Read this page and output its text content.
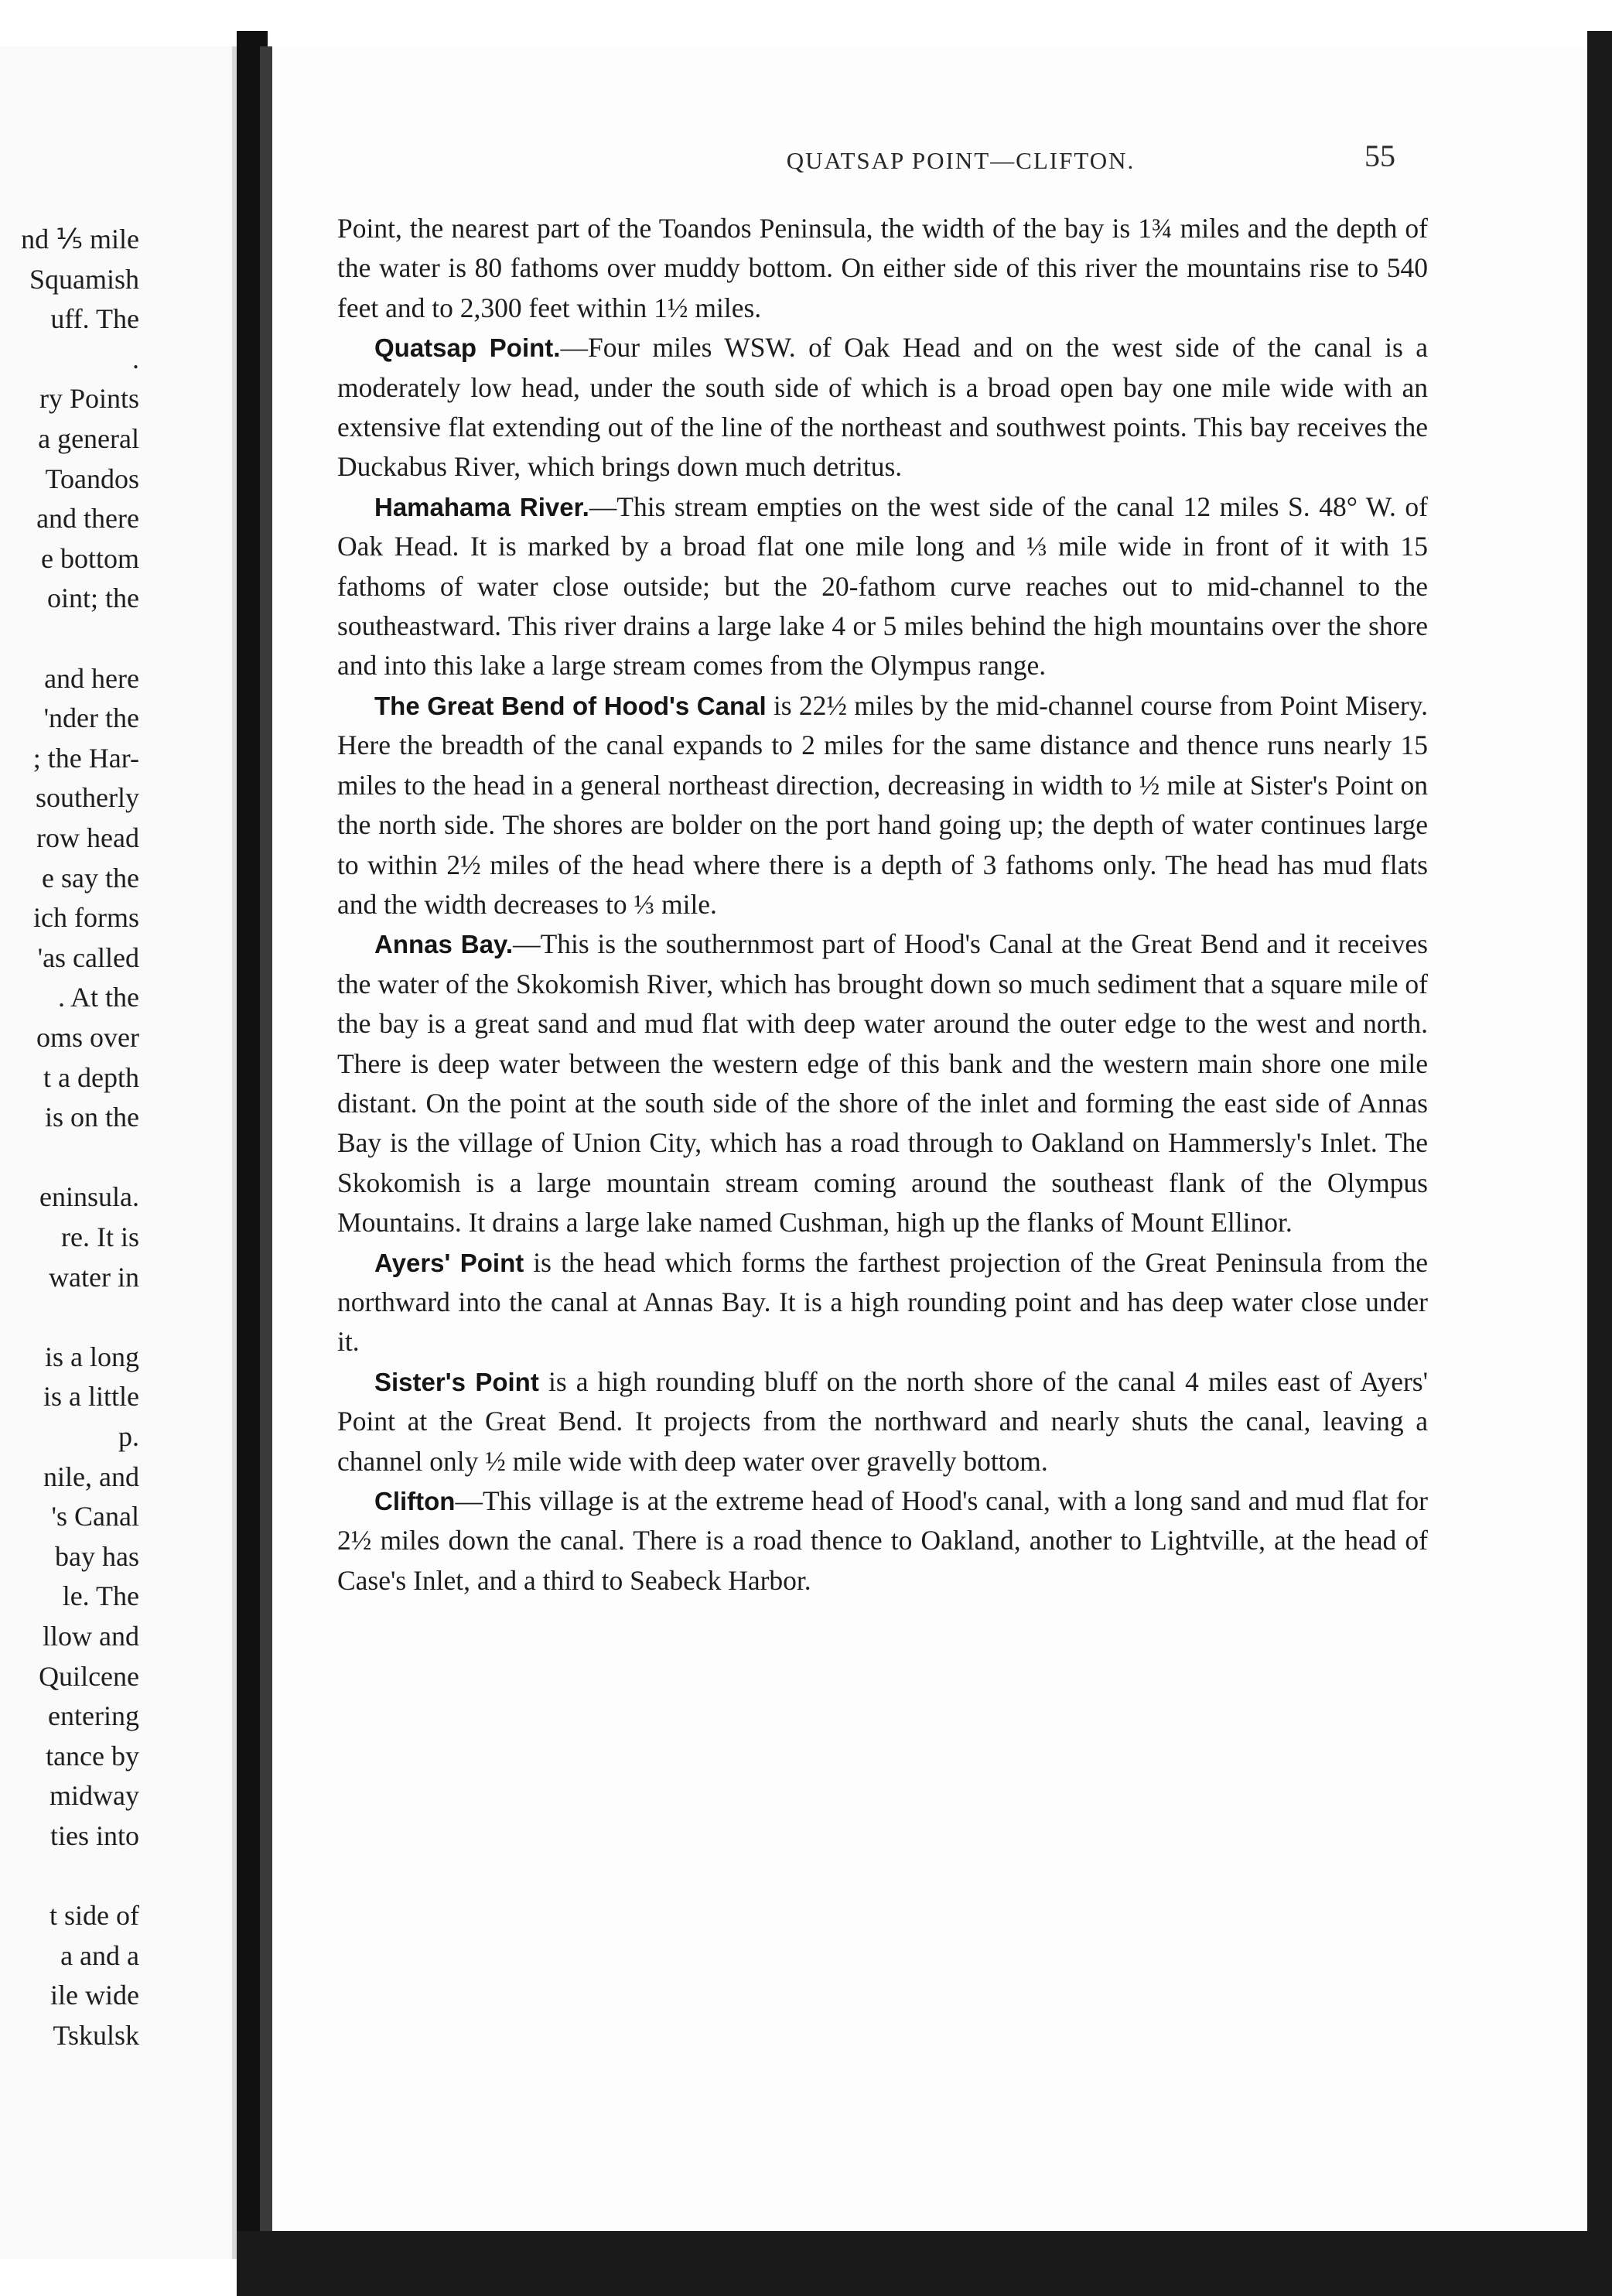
nd ⅕ mile
Squamish
uff. The
.
ry Points
a general
Toandos
and there
e bottom
oint; the
and here
'nder the
; the Har-
southerly
row head
e say the
ich forms
'as called
. At the
oms over
t a depth
is on the
eninsula.
re. It is
water in
is a long
is a little
p.
nile, and
's Canal
bay has
le. The
llow and
Quilcene
entering
tance by
midway
ties into
t side of
a and a
ile wide
Tskulsk
QUATSAP POINT—CLIFTON.	55

Point, the nearest part of the Toandos Peninsula, the width of the bay is 1¾ miles and the depth of the water is 80 fathoms over muddy bottom. On either side of this river the mountains rise to 540 feet and to 2,300 feet within 1½ miles.

Quatsap Point.—Four miles WSW. of Oak Head and on the west side of the canal is a moderately low head, under the south side of which is a broad open bay one mile wide with an extensive flat extending out of the line of the northeast and southwest points. This bay receives the Duckabus River, which brings down much detritus.

Hamahama River.—This stream empties on the west side of the canal 12 miles S. 48° W. of Oak Head. It is marked by a broad flat one mile long and ⅓ mile wide in front of it with 15 fathoms of water close outside; but the 20-fathom curve reaches out to mid-channel to the southeastward. This river drains a large lake 4 or 5 miles behind the high mountains over the shore and into this lake a large stream comes from the Olympus range.

The Great Bend of Hood's Canal is 22½ miles by the mid-channel course from Point Misery. Here the breadth of the canal expands to 2 miles for the same distance and thence runs nearly 15 miles to the head in a general northeast direction, decreasing in width to ½ mile at Sister's Point on the north side. The shores are bolder on the port hand going up; the depth of water continues large to within 2½ miles of the head where there is a depth of 3 fathoms only. The head has mud flats and the width decreases to ⅓ mile.

Annas Bay.—This is the southernmost part of Hood's Canal at the Great Bend and it receives the water of the Skokomish River, which has brought down so much sediment that a square mile of the bay is a great sand and mud flat with deep water around the outer edge to the west and north. There is deep water between the western edge of this bank and the western main shore one mile distant. On the point at the south side of the shore of the inlet and forming the east side of Annas Bay is the village of Union City, which has a road through to Oakland on Hammersly's Inlet. The Skokomish is a large mountain stream coming around the southeast flank of the Olympus Mountains. It drains a large lake named Cushman, high up the flanks of Mount Ellinor.

Ayers' Point is the head which forms the farthest projection of the Great Peninsula from the northward into the canal at Annas Bay. It is a high rounding point and has deep water close under it.

Sister's Point is a high rounding bluff on the north shore of the canal 4 miles east of Ayers' Point at the Great Bend. It projects from the northward and nearly shuts the canal, leaving a channel only ½ mile wide with deep water over gravelly bottom.

Clifton—This village is at the extreme head of Hood's canal, with a long sand and mud flat for 2½ miles down the canal. There is a road thence to Oakland, another to Lightville, at the head of Case's Inlet, and a third to Seabeck Harbor.
